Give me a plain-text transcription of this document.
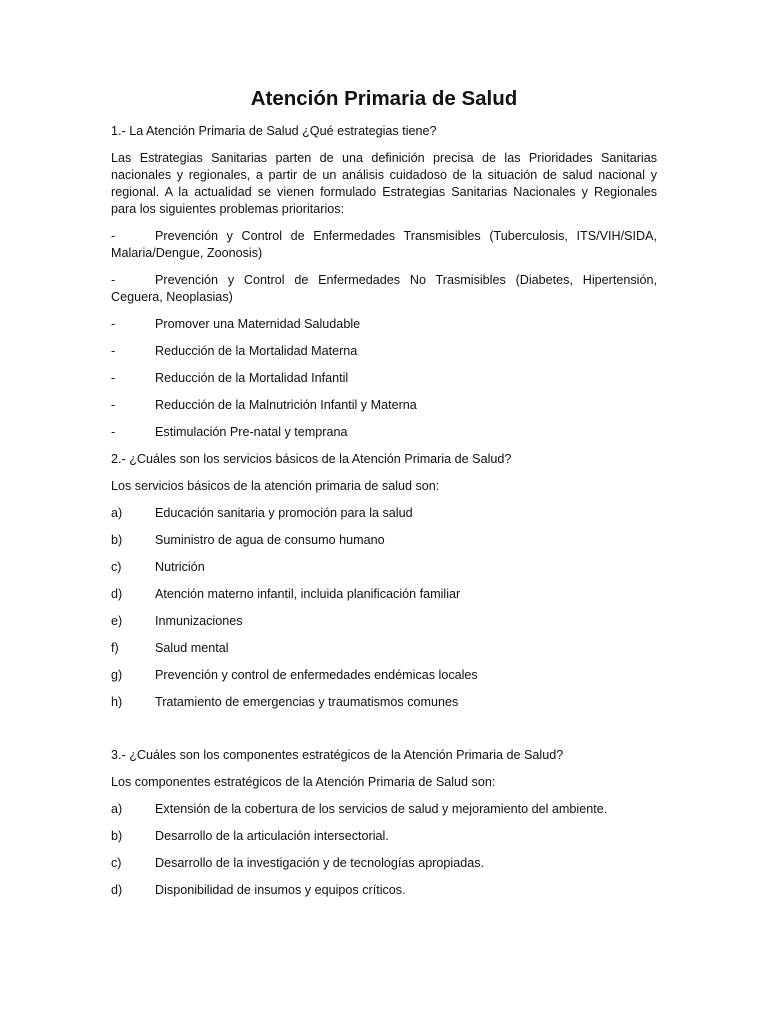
Atención Primaria de Salud
1.- La Atención Primaria de Salud ¿Qué estrategias tiene?
Las Estrategias Sanitarias parten de una definición precisa de las Prioridades Sanitarias nacionales y regionales, a partir de un análisis cuidadoso de la situación de salud nacional y regional. A la actualidad se vienen formulado Estrategias Sanitarias Nacionales y Regionales para los siguientes problemas prioritarios:
-	Prevención y Control de Enfermedades Transmisibles (Tuberculosis, ITS/VIH/SIDA, Malaria/Dengue, Zoonosis)
-	Prevención y Control de Enfermedades No Trasmisibles (Diabetes, Hipertensión, Ceguera, Neoplasias)
-	Promover una Maternidad Saludable
-	Reducción de la Mortalidad Materna
-	Reducción de la Mortalidad Infantil
-	Reducción de la Malnutrición Infantil y Materna
-	Estimulación Pre-natal y temprana
2.- ¿Cuáles son los servicios básicos de la Atención Primaria de Salud?
Los servicios básicos de la atención primaria de salud son:
a)	Educación sanitaria y promoción para la salud
b)	Suministro de agua de consumo humano
c)	Nutrición
d)	Atención materno infantil, incluida planificación familiar
e)	Inmunizaciones
f)	Salud mental
g)	Prevención y control de enfermedades endémicas locales
h)	Tratamiento de emergencias y traumatismos comunes
3.- ¿Cuáles son los componentes estratégicos de la Atención Primaria de Salud?
Los componentes estratégicos de la Atención Primaria de Salud son:
a)	Extensión de la cobertura de los servicios de salud y mejoramiento del ambiente.
b)	Desarrollo de la articulación intersectorial.
c)	Desarrollo de la investigación y de tecnologías apropiadas.
d)	Disponibilidad de insumos y equipos críticos.
